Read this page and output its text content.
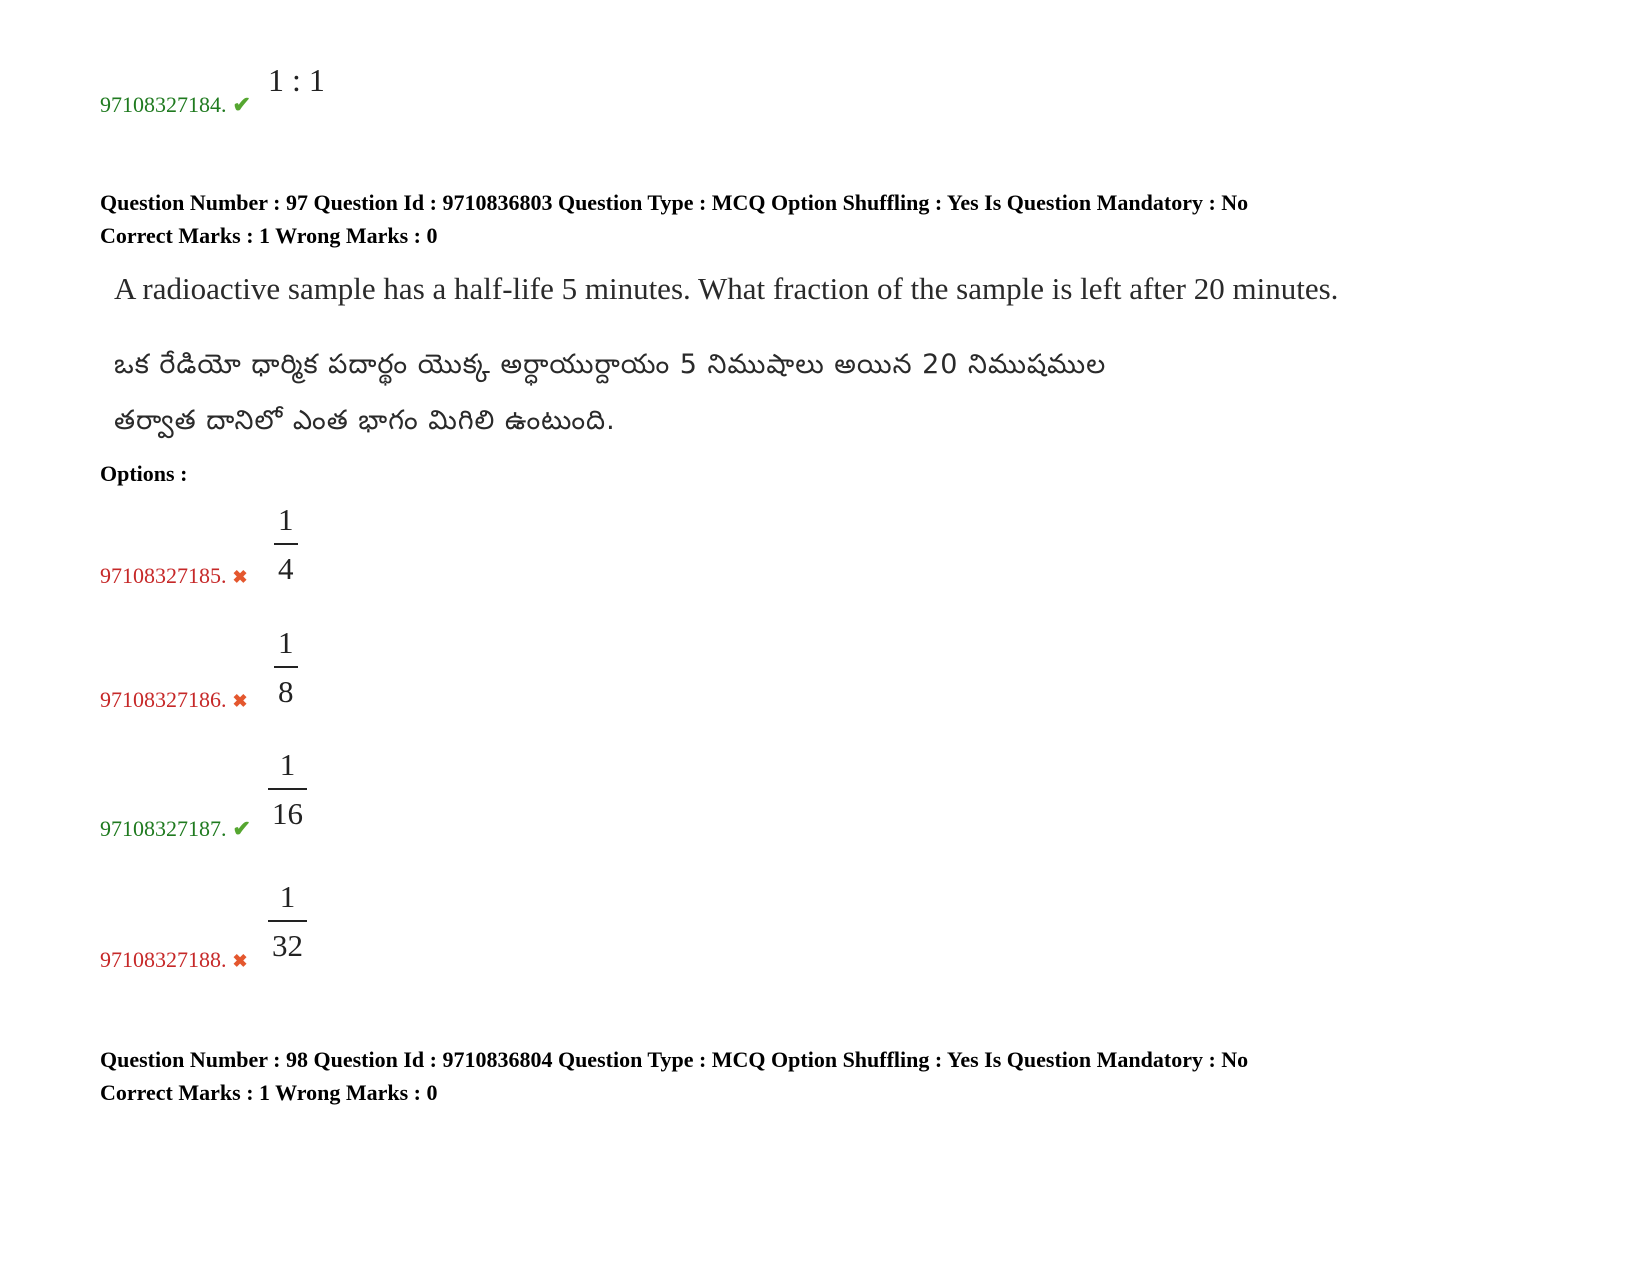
97108327184. ✔
1 : 1
Question Number : 97 Question Id : 9710836803 Question Type : MCQ Option Shuffling : Yes Is Question Mandatory : No
Correct Marks : 1 Wrong Marks : 0
A radioactive sample has a half-life 5 minutes. What fraction of the sample is left after 20 minutes.
ఒక రేడియో ధార్మిక పదార్థం యొక్క అర్ధాయుర్దాయం 5 నిముషాలు అయిన 20 నిముషముల
తర్వాత దానిలో ఎంత భాగం మిగిలి ఉంటుంది.
Options :
97108327185. ✖
1
4
97108327186. ✖
1
8
97108327187. ✔
1
16
97108327188. ✖
1
32
Question Number : 98 Question Id : 9710836804 Question Type : MCQ Option Shuffling : Yes Is Question Mandatory : No
Correct Marks : 1 Wrong Marks : 0
